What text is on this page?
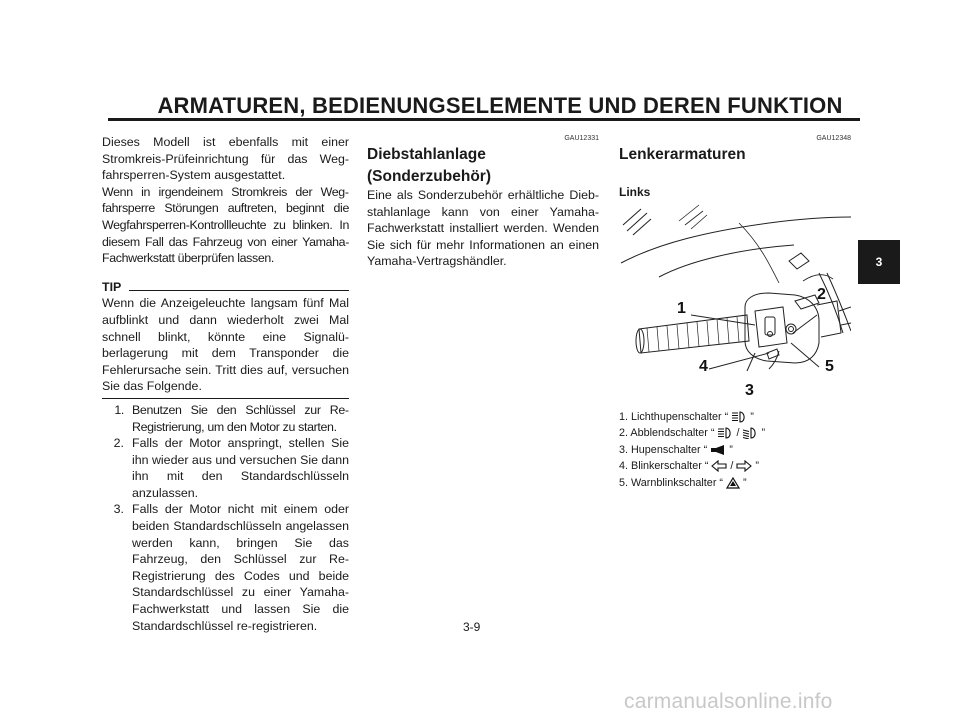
ARMATUREN, BEDIENUNGSELEMENTE UND DEREN FUNKTION
3

Dieses Modell ist ebenfalls mit einer Stromkreis-Prüfeinrichtung für das Wegfahrsperren-System ausgestattet.

Wenn in irgendeinem Stromkreis der Wegfahrsperre Störungen auftreten, beginnt die Wegfahrsperren-Kontrollleuchte zu blinken. In diesem Fall das Fahrzeug von einer Yamaha-Fachwerkstatt überprüfen lassen.

TIP

Wenn die Anzeigeleuchte langsam fünf Mal aufblinkt und dann wiederholt zwei Mal schnell blinkt, könnte eine Signalüberlagerung mit dem Transponder die Fehlerursache sein. Tritt dies auf, versuchen Sie das Folgende.

1. Benutzen Sie den Schlüssel zur ReRegistrierung, um den Motor zu starten.
2. Falls der Motor anspringt, stellen Sie ihn wieder aus und versuchen Sie dann ihn mit den Standardschlüsseln anzulassen.
3. Falls der Motor nicht mit einem oder beiden Standardschlüsseln angelassen werden kann, bringen Sie das Fahrzeug, den Schlüssel zur ReRegistrierung des Codes und beide Standardschlüssel zu einer Yamaha-Fachwerkstatt und lassen Sie die Standardschlüssel re-registrieren.
GAU12331
Diebstahlanlage
(Sonderzubehör)

Eine als Sonderzubehör erhältliche Diebstahlanlage kann von einer Yamaha-Fachwerkstatt installiert werden. Wenden Sie sich für mehr Informationen an einen Yamaha-Vertragshändler.

GAU12348
Lenkerarmaturen
Links
1
2
3
4	5
1. Lichthupenschalter “ ”
2. Abblendschalter “ / ”
3. Hupenschalter “ ”
4. Blinkerschalter “ / ”
5. Warnblinkschalter “ ”
3-9
carmanualsonline.info
